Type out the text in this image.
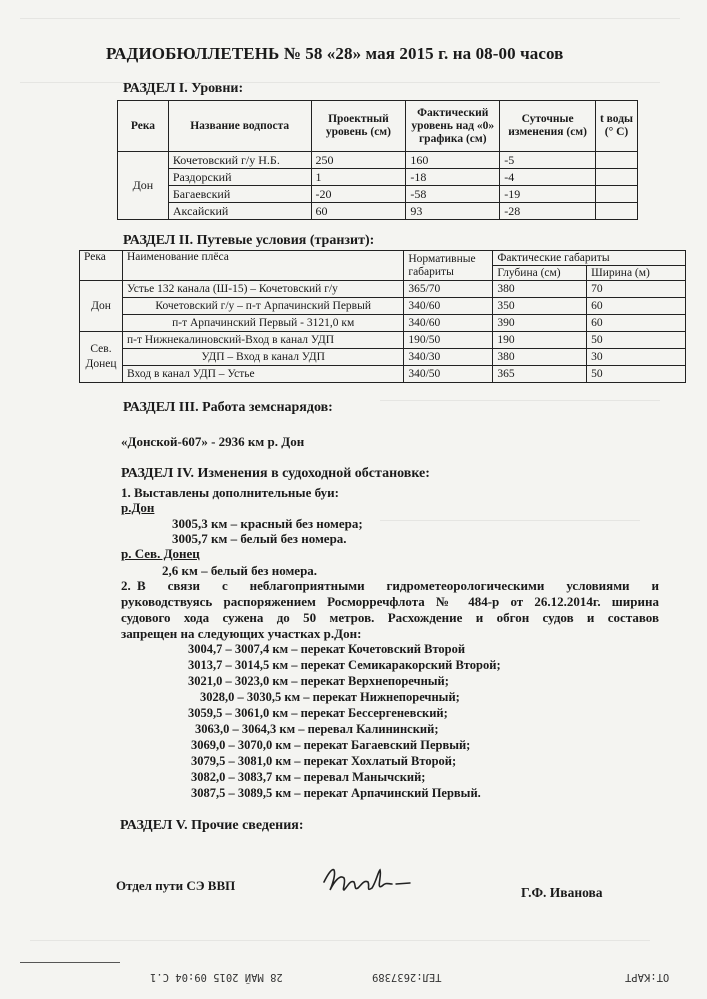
РАДИОБЮЛЛЕТЕНЬ № 58 «28» мая 2015 г. на 08-00 часов
РАЗДЕЛ I. Уровни:
Река	Название водпоста	Проектный уровень (см)	Фактический уровень над «0» графика (см)	Суточные изменения (см)	t воды (° С)
Дон	Кочетовский г/у Н.Б.	250	160	-5	
	Раздорский	1	-18	-4	
	Багаевский	-20	-58	-19	
	Аксайский	60	93	-28	
РАЗДЕЛ II. Путевые условия (транзит):
Река	Наименование плёса	Нормативные габариты	Фактические габариты	
			Глубина (см)	Ширина (м)
Дон	Устье 132 канала (Ш-15) – Кочетовский г/у	365/70	380	70
	Кочетовский г/у – п-т Арпачинский Первый	340/60	350	60
	п-т Арпачинский Первый - 3121,0 км	340/60	390	60
Сев. Донец	п-т Нижнекалиновский-Вход в канал УДП	190/50	190	50
	УДП – Вход в канал УДП	340/30	380	30
	Вход в канал УДП – Устье	340/50	365	50
РАЗДЕЛ III. Работа земснарядов:
«Донской-607» - 2936 км р. Дон
РАЗДЕЛ IV. Изменения в судоходной обстановке:
1. Выставлены дополнительные буи:
р.Дон
3005,3 км – красный без номера;
3005,7 км – белый без номера.
р. Сев. Донец
2,6 км – белый без номера.
2. В связи с неблагоприятными гидрометеорологическими условиями и
руководствуясь распоряжением Росморречфлота № 484-р от 26.12.2014г. ширина
судового хода сужена до 50 метров. Расхождение и обгон судов и составов
запрещен на следующих участках р.Дон:
3004,7 – 3007,4 км – перекат Кочетовский Второй
3013,7 – 3014,5 км – перекат Семикаракорский Второй;
3021,0 – 3023,0 км – перекат Верхнепоречный;
3028,0 – 3030,5 км – перекат Нижнепоречный;
3059,5 – 3061,0 км – перекат Бессергеневский;
3063,0 – 3064,3 км – перевал Калининский;
3069,0 – 3070,0 км – перекат Багаевский Первый;
3079,5 – 3081,0 км – перекат Хохлатый Второй;
3082,0 – 3083,7 км – перевал Манычский;
3087,5 – 3089,5 км – перекат Арпачинский Первый.
РАЗДЕЛ V. Прочие сведения:
Отдел пути СЭ ВВП	Г.Ф. Иванова
28 МАЙ 2015 09:04 С.1	ТЕЛ:2637389	ОТ:КАРТ
